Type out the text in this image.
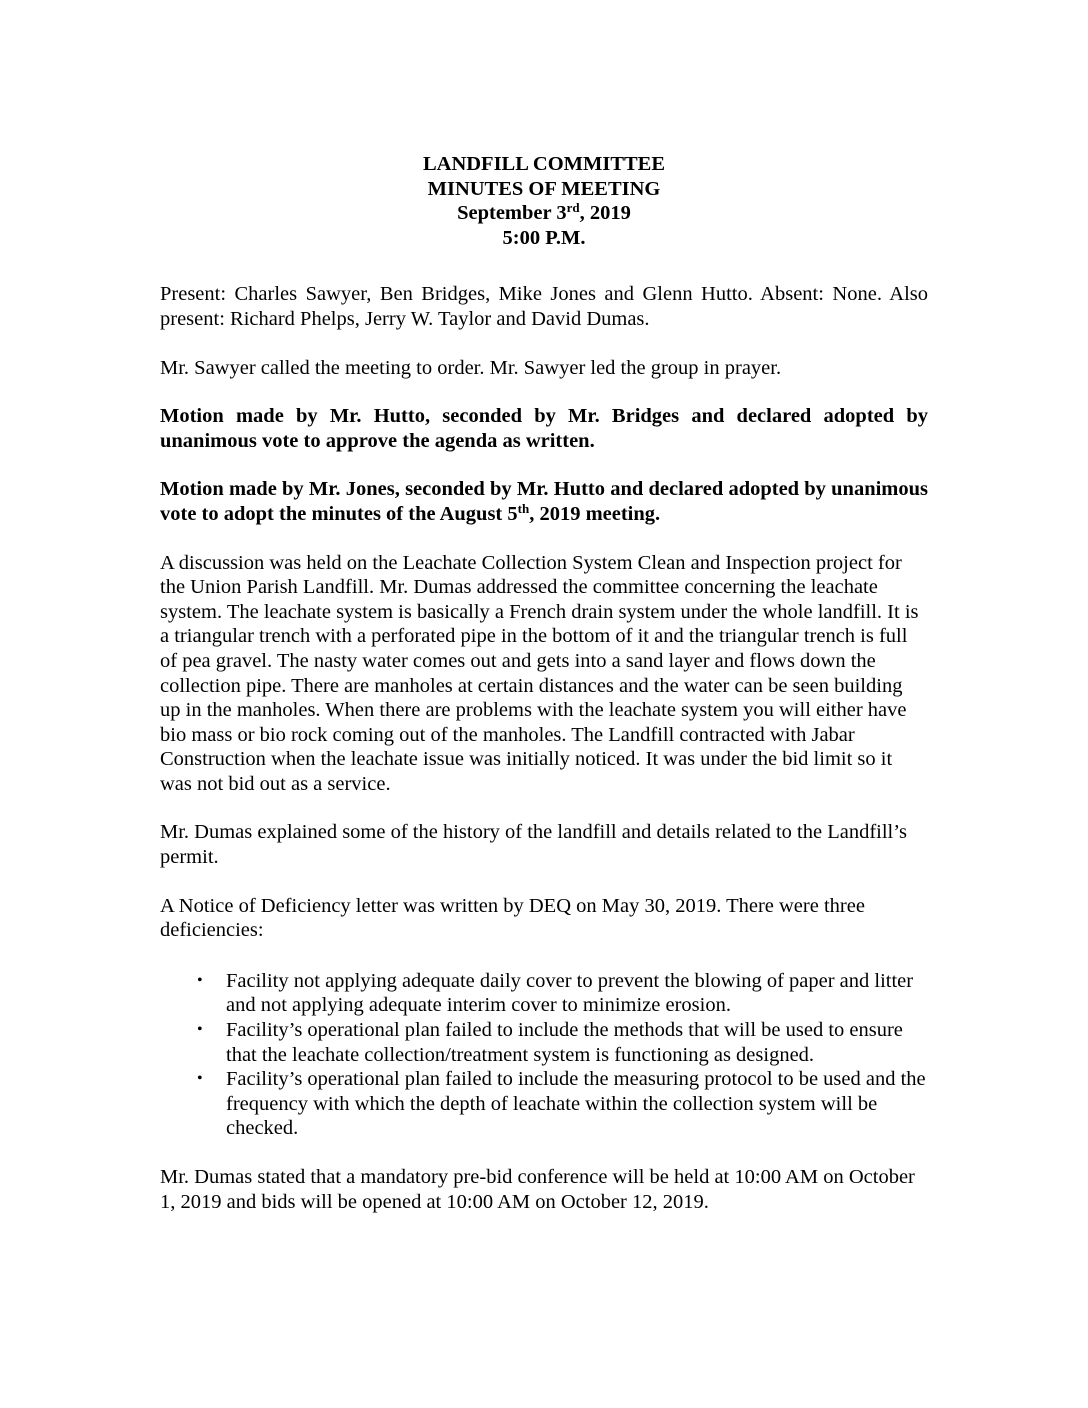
LANDFILL COMMITTEE
MINUTES OF MEETING
September 3rd, 2019
5:00 P.M.

Present: Charles Sawyer, Ben Bridges, Mike Jones and Glenn Hutto. Absent: None. Also present: Richard Phelps, Jerry W. Taylor and David Dumas.

Mr. Sawyer called the meeting to order. Mr. Sawyer led the group in prayer.

Motion made by Mr. Hutto, seconded by Mr. Bridges and declared adopted by unanimous vote to approve the agenda as written.

Motion made by Mr. Jones, seconded by Mr. Hutto and declared adopted by unanimous vote to adopt the minutes of the August 5th, 2019 meeting.

A discussion was held on the Leachate Collection System Clean and Inspection project for the Union Parish Landfill. Mr. Dumas addressed the committee concerning the leachate system. The leachate system is basically a French drain system under the whole landfill. It is a triangular trench with a perforated pipe in the bottom of it and the triangular trench is full of pea gravel. The nasty water comes out and gets into a sand layer and flows down the collection pipe. There are manholes at certain distances and the water can be seen building up in the manholes. When there are problems with the leachate system you will either have bio mass or bio rock coming out of the manholes. The Landfill contracted with Jabar Construction when the leachate issue was initially noticed. It was under the bid limit so it was not bid out as a service.

Mr. Dumas explained some of the history of the landfill and details related to the Landfill’s permit.

A Notice of Deficiency letter was written by DEQ on May 30, 2019. There were three deficiencies:

• Facility not applying adequate daily cover to prevent the blowing of paper and litter and not applying adequate interim cover to minimize erosion.
• Facility’s operational plan failed to include the methods that will be used to ensure that the leachate collection/treatment system is functioning as designed.
• Facility’s operational plan failed to include the measuring protocol to be used and the frequency with which the depth of leachate within the collection system will be checked.

Mr. Dumas stated that a mandatory pre-bid conference will be held at 10:00 AM on October 1, 2019 and bids will be opened at 10:00 AM on October 12, 2019.
